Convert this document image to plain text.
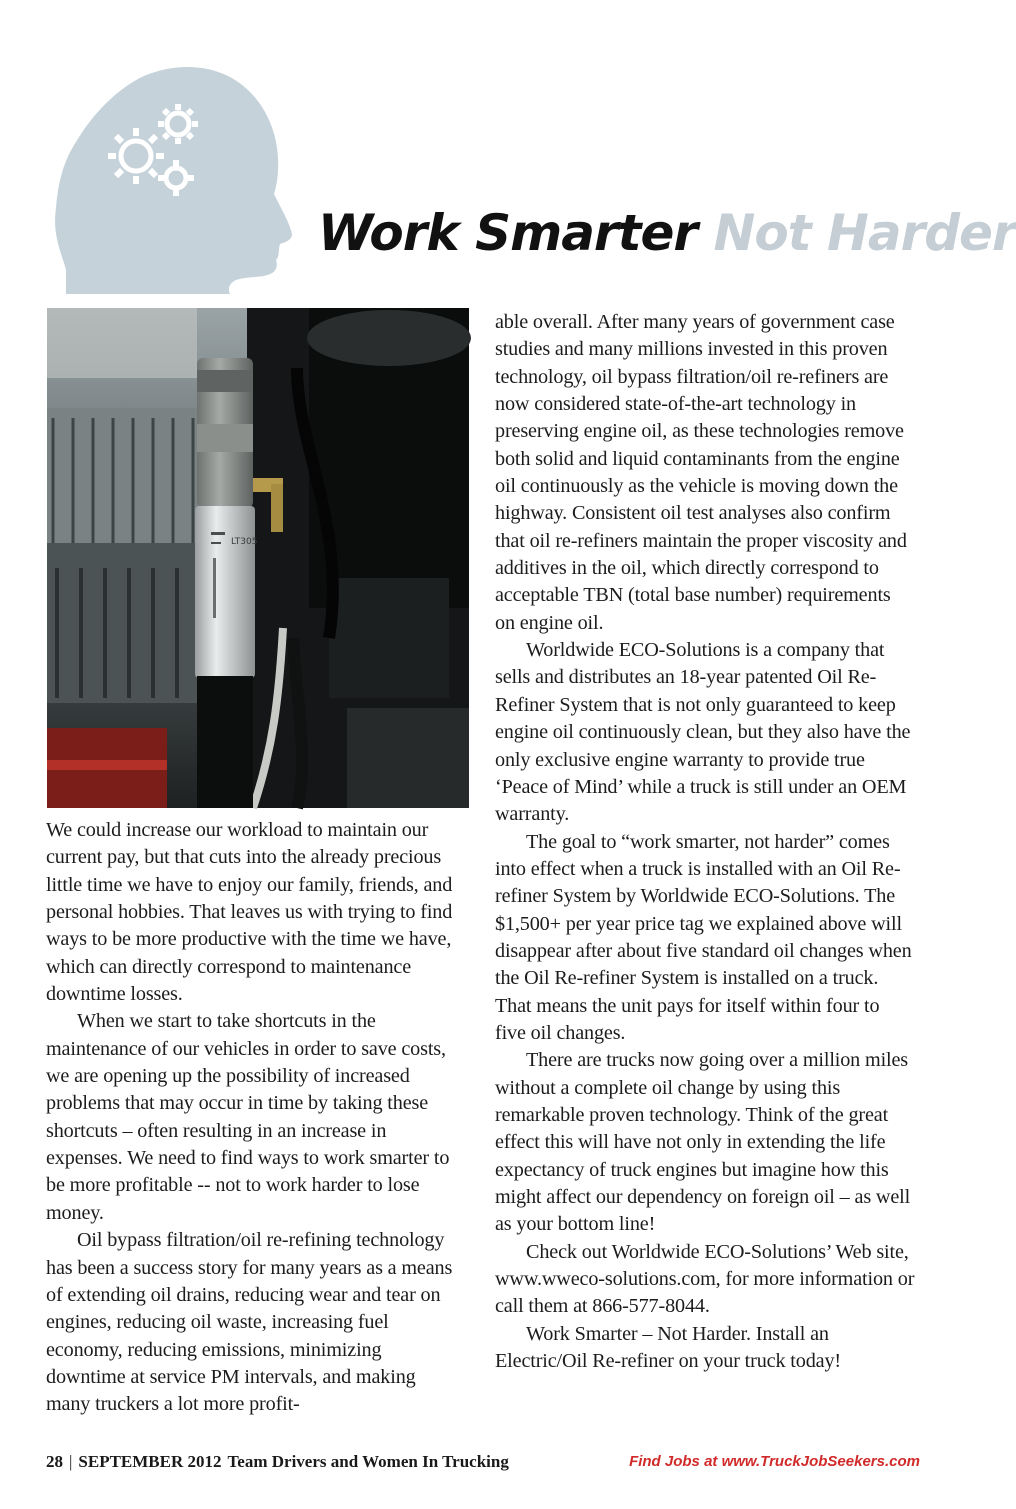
Work Smarter Not Harder
LT305

We could increase our workload to maintain our current pay, but that cuts into the already precious little time we have to enjoy our family, friends, and personal hobbies. That leaves us with trying to find ways to be more productive with the time we have, which can directly correspond to maintenance downtime losses.

When we start to take shortcuts in the maintenance of our vehicles in order to save costs, we are opening up the possibility of increased problems that may occur in time by taking these shortcuts – often resulting in an increase in expenses. We need to find ways to work smarter to be more profitable -- not to work harder to lose money.

Oil bypass filtration/oil re-refining technology has been a success story for many years as a means of extending oil drains, reducing wear and tear on engines, reducing oil waste, increasing fuel economy, reducing emissions, minimizing downtime at service PM intervals, and making many truckers a lot more profit-

able overall. After many years of government case studies and many millions invested in this proven technology, oil bypass filtration/oil re-refiners are now considered state-of-the-art technology in preserving engine oil, as these technologies remove both solid and liquid contaminants from the engine oil continuously as the vehicle is moving down the highway. Consistent oil test analyses also confirm that oil re-refiners maintain the proper viscosity and additives in the oil, which directly correspond to acceptable TBN (total base number) requirements on engine oil.

Worldwide ECO-Solutions is a company that sells and distributes an 18-year patented Oil Re-Refiner System that is not only guaranteed to keep engine oil continuously clean, but they also have the only exclusive engine warranty to provide true ‘Peace of Mind’ while a truck is still under an OEM warranty.

The goal to “work smarter, not harder” comes into effect when a truck is installed with an Oil Re-refiner System by Worldwide ECO-Solutions. The $1,500+ per year price tag we explained above will disappear after about five standard oil changes when the Oil Re-refiner System is installed on a truck. That means the unit pays for itself within four to five oil changes.

There are trucks now going over a million miles without a complete oil change by using this remarkable proven technology. Think of the great effect this will have not only in extending the life expectancy of truck engines but imagine how this might affect our dependency on foreign oil – as well as your bottom line!

Check out Worldwide ECO-Solutions’ Web site, www.wweco-solutions.com, for more information or call them at 866-577-8044.

Work Smarter – Not Harder. Install an Electric/Oil Re-refiner on your truck today!

28 | SEPTEMBER 2012 Team Drivers and Women In Trucking	Find Jobs at www.TruckJobSeekers.com
